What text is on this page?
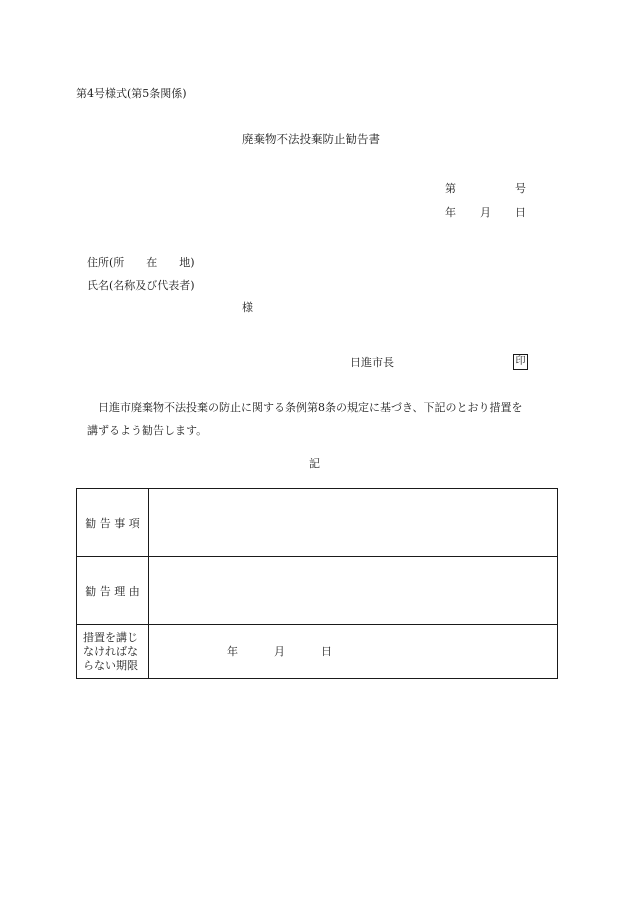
第4号様式(第5条関係)
廃棄物不法投棄防止勧告書
第	号
年 月 日
住所(所　　在　　地)
氏名(名称及び代表者)
様
日進市長	印
日進市廃棄物不法投棄の防止に関する条例第8条の規定に基づき、下記のとおり措置を
講ずるよう勧告します。
記
勧 告 事 項	
勧 告 理 由	
措置を講じなければならない期限	年 月 日
